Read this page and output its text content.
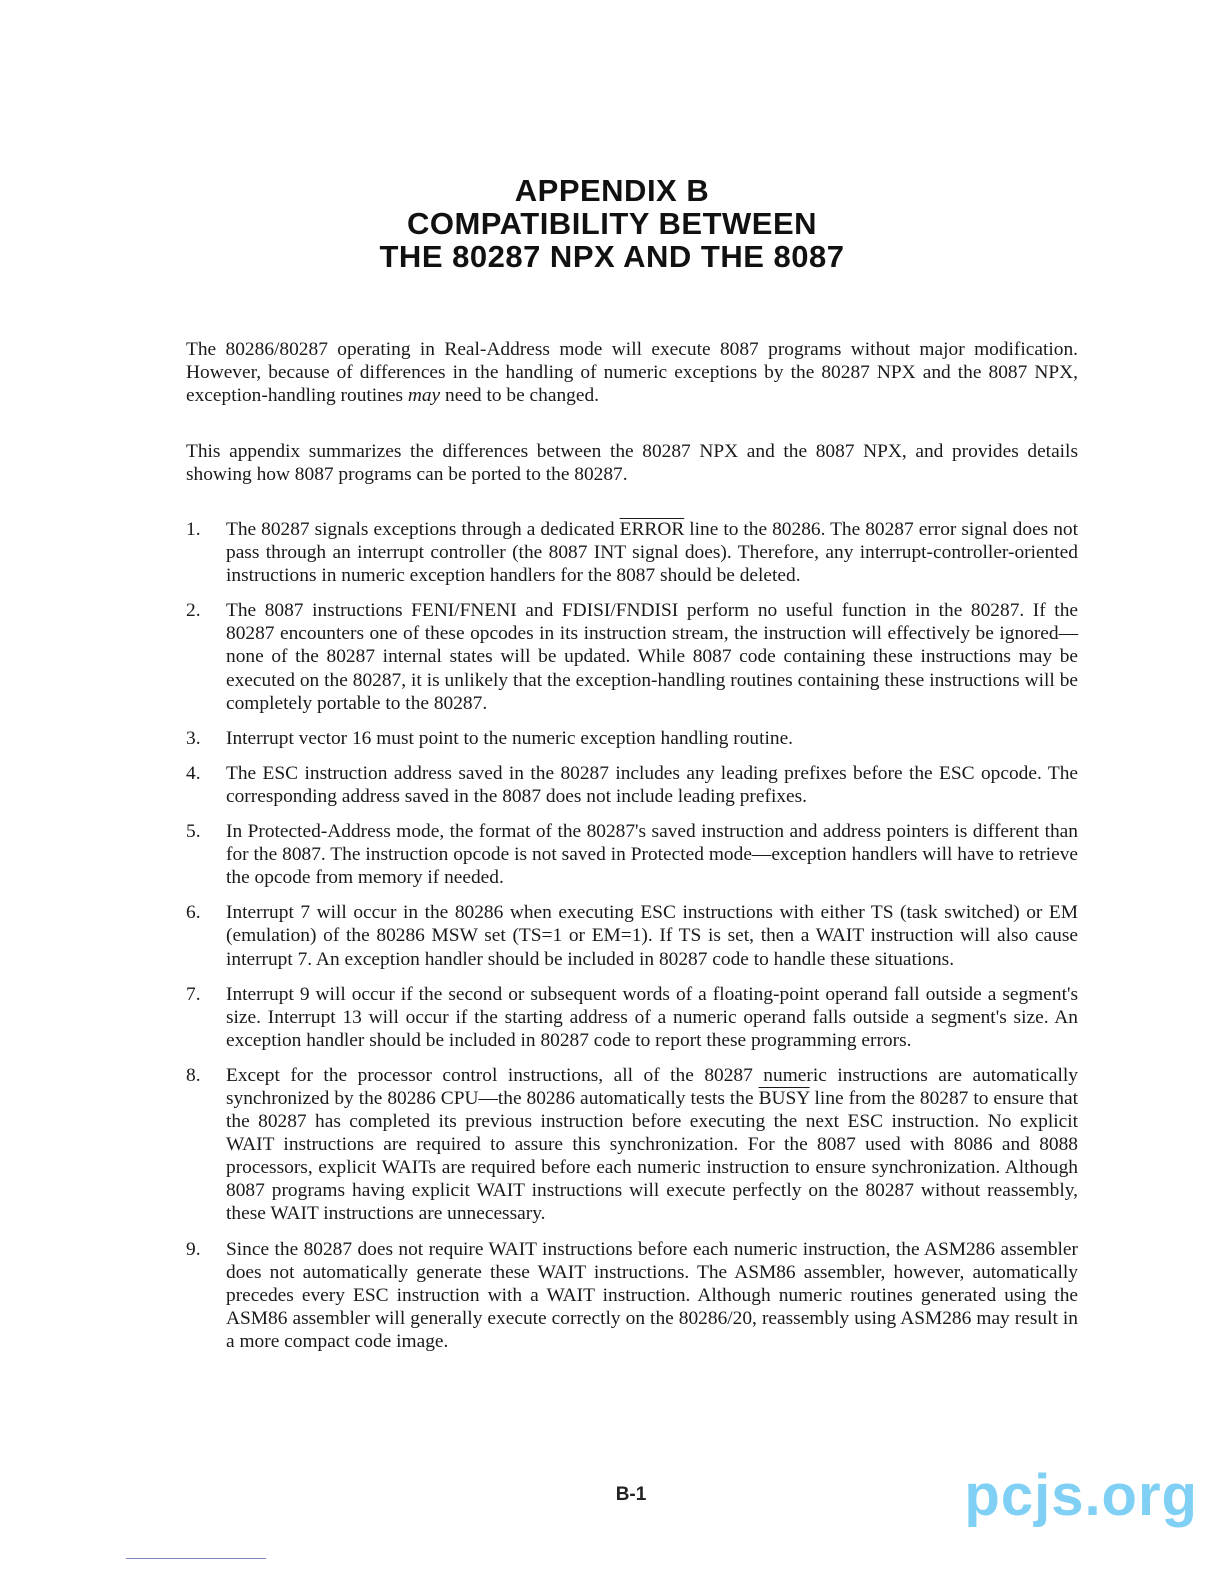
APPENDIX B
COMPATIBILITY BETWEEN
THE 80287 NPX AND THE 8087

The 80286/80287 operating in Real-Address mode will execute 8087 programs without major modification. However, because of differences in the handling of numeric exceptions by the 80287 NPX and the 8087 NPX, exception-handling routines may need to be changed.

This appendix summarizes the differences between the 80287 NPX and the 8087 NPX, and provides details showing how 8087 programs can be ported to the 80287.

1.	The 80287 signals exceptions through a dedicated ERROR line to the 80286. The 80287 error signal does not pass through an interrupt controller (the 8087 INT signal does). Therefore, any interrupt-controller-oriented instructions in numeric exception handlers for the 8087 should be deleted.
2.	The 8087 instructions FENI/FNENI and FDISI/FNDISI perform no useful function in the 80287. If the 80287 encounters one of these opcodes in its instruction stream, the instruction will effectively be ignored—none of the 80287 internal states will be updated. While 8087 code containing these instructions may be executed on the 80287, it is unlikely that the exception-handling routines containing these instructions will be completely portable to the 80287.
3.	Interrupt vector 16 must point to the numeric exception handling routine.
4.	The ESC instruction address saved in the 80287 includes any leading prefixes before the ESC opcode. The corresponding address saved in the 8087 does not include leading prefixes.
5.	In Protected-Address mode, the format of the 80287's saved instruction and address pointers is different than for the 8087. The instruction opcode is not saved in Protected mode—exception handlers will have to retrieve the opcode from memory if needed.
6.	Interrupt 7 will occur in the 80286 when executing ESC instructions with either TS (task switched) or EM (emulation) of the 80286 MSW set (TS=1 or EM=1). If TS is set, then a WAIT instruction will also cause interrupt 7. An exception handler should be included in 80287 code to handle these situations.
7.	Interrupt 9 will occur if the second or subsequent words of a floating-point operand fall outside a segment's size. Interrupt 13 will occur if the starting address of a numeric operand falls outside a segment's size. An exception handler should be included in 80287 code to report these programming errors.
8.	Except for the processor control instructions, all of the 80287 numeric instructions are automatically synchronized by the 80286 CPU—the 80286 automatically tests the BUSY line from the 80287 to ensure that the 80287 has completed its previous instruction before executing the next ESC instruction. No explicit WAIT instructions are required to assure this synchronization. For the 8087 used with 8086 and 8088 processors, explicit WAITs are required before each numeric instruction to ensure synchronization. Although 8087 programs having explicit WAIT instructions will execute perfectly on the 80287 without reassembly, these WAIT instructions are unnecessary.
9.	Since the 80287 does not require WAIT instructions before each numeric instruction, the ASM286 assembler does not automatically generate these WAIT instructions. The ASM86 assembler, however, automatically precedes every ESC instruction with a WAIT instruction. Although numeric routines generated using the ASM86 assembler will generally execute correctly on the 80286/20, reassembly using ASM286 may result in a more compact code image.
B-1	pcjs.org
